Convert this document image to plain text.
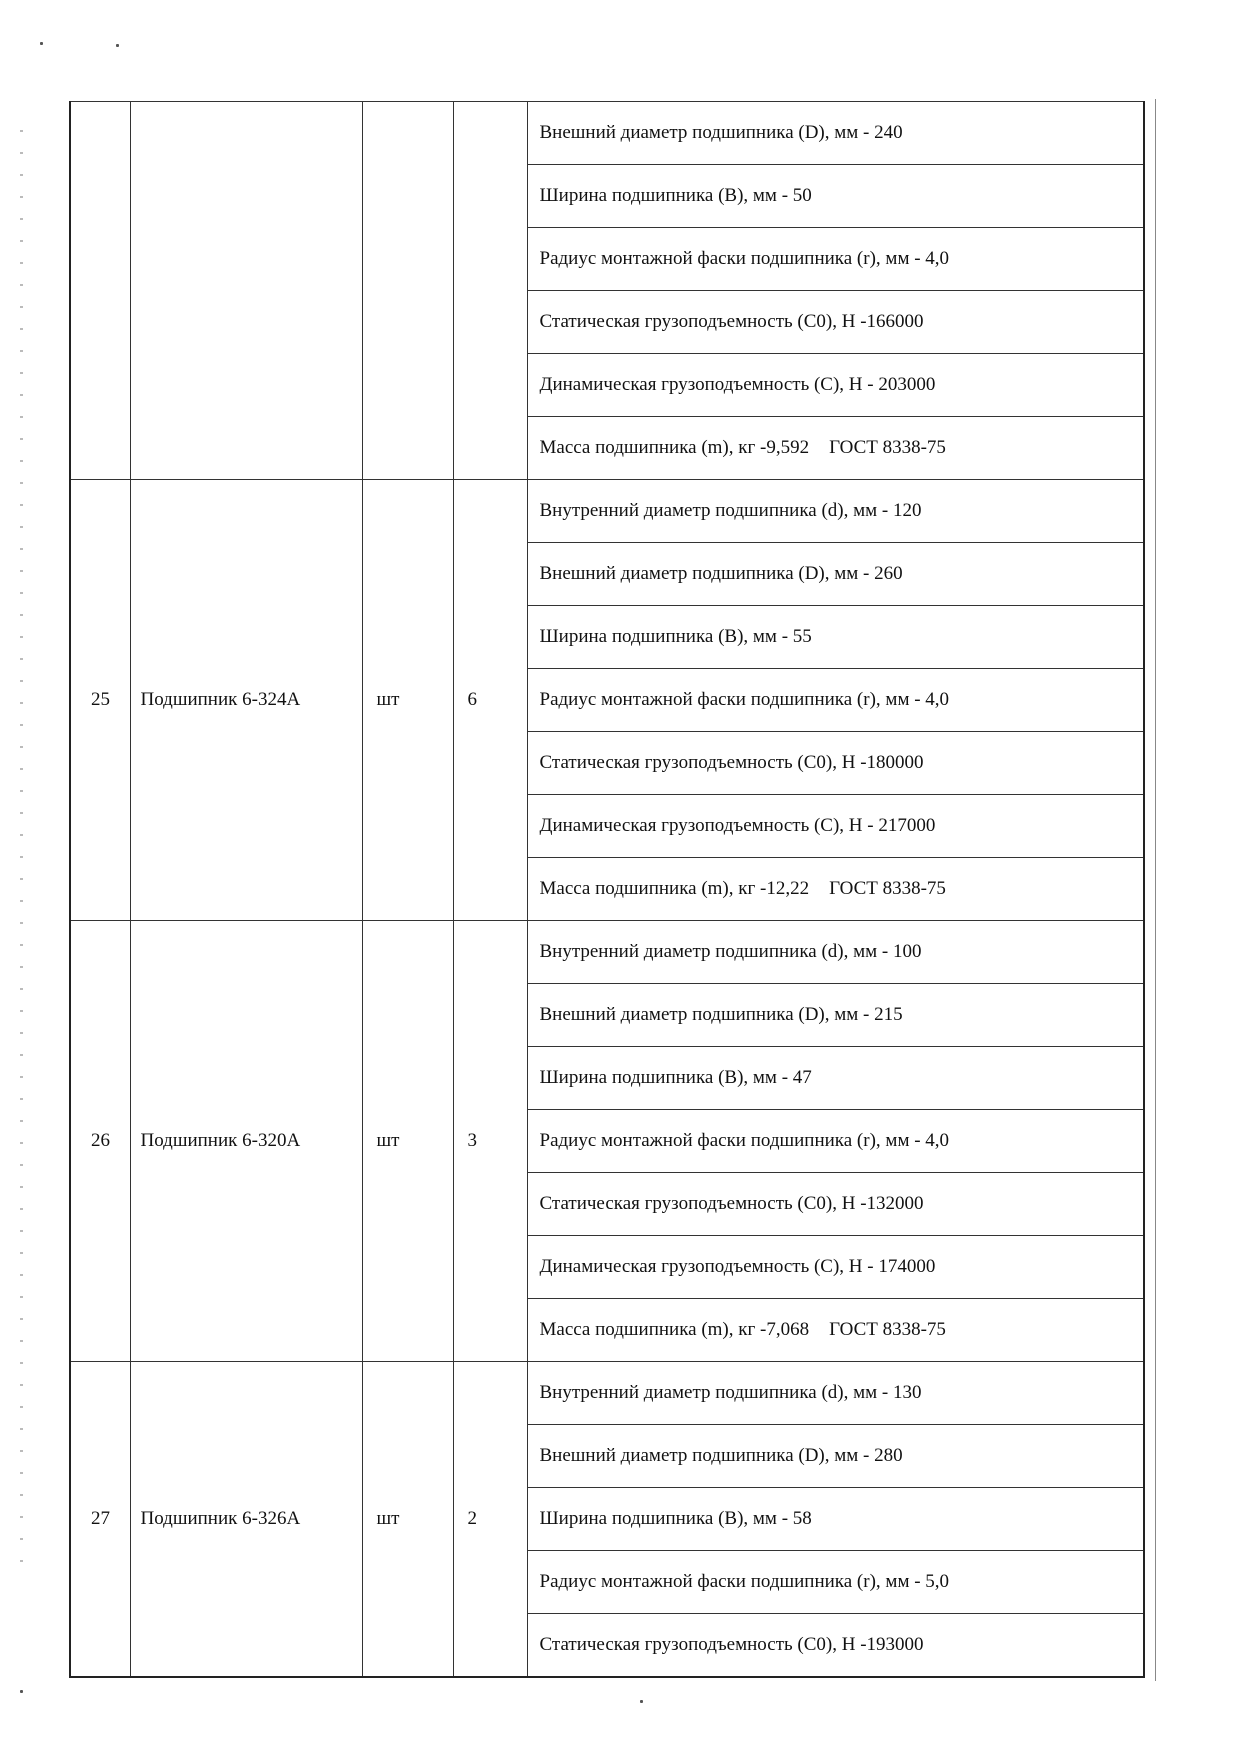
				Внешний диаметр подшипника (D), мм - 240
				Ширина подшипника (B), мм - 50
				Радиус монтажной фаски подшипника (r), мм - 4,0
				Статическая грузоподъемность (C0), Н -166000
				Динамическая грузоподъемность (C), Н - 203000
				Масса подшипника (m), кг -9,592 ГОСТ 8338-75
25	Подшипник 6-324А	шт	6	Внутренний диаметр подшипника (d), мм - 120
				Внешний диаметр подшипника (D), мм - 260
				Ширина подшипника (B), мм - 55
				Радиус монтажной фаски подшипника (r), мм - 4,0
				Статическая грузоподъемность (C0), Н -180000
				Динамическая грузоподъемность (C), Н - 217000
				Масса подшипника (m), кг -12,22 ГОСТ 8338-75
26	Подшипник 6-320А	шт	3	Внутренний диаметр подшипника (d), мм - 100
				Внешний диаметр подшипника (D), мм - 215
				Ширина подшипника (B), мм - 47
				Радиус монтажной фаски подшипника (r), мм - 4,0
				Статическая грузоподъемность (C0), Н -132000
				Динамическая грузоподъемность (C), Н - 174000
				Масса подшипника (m), кг -7,068 ГОСТ 8338-75
27	Подшипник 6-326А	шт	2	Внутренний диаметр подшипника (d), мм - 130
				Внешний диаметр подшипника (D), мм - 280
				Ширина подшипника (B), мм - 58
				Радиус монтажной фаски подшипника (r), мм - 5,0
				Статическая грузоподъемность (C0), Н -193000
